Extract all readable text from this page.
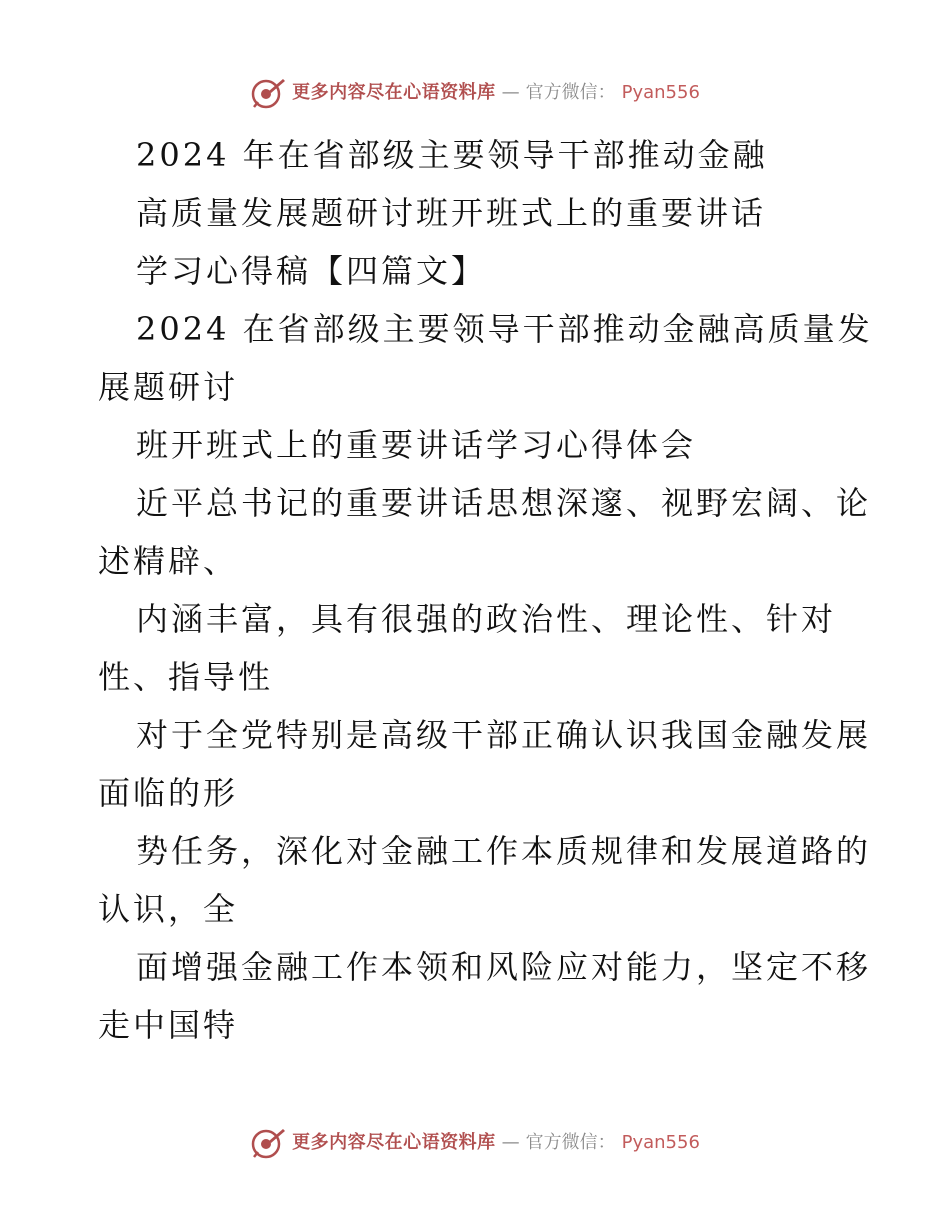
更多内容尽在心语资料库 — 官方微信： Pyan556
2024 年在省部级主要领导干部推动金融
高质量发展题研讨班开班式上的重要讲话
学习心得稿【四篇文】
2024 在省部级主要领导干部推动金融高质量发
展题研讨
班开班式上的重要讲话学习心得体会
近平总书记的重要讲话思想深邃、视野宏阔、论
述精辟、
内涵丰富，具有很强的政治性、理论性、针对
性、指导性
对于全党特别是高级干部正确认识我国金融发展
面临的形
势任务，深化对金融工作本质规律和发展道路的
认识，全
面增强金融工作本领和风险应对能力，坚定不移
走中国特
更多内容尽在心语资料库 — 官方微信： Pyan556
